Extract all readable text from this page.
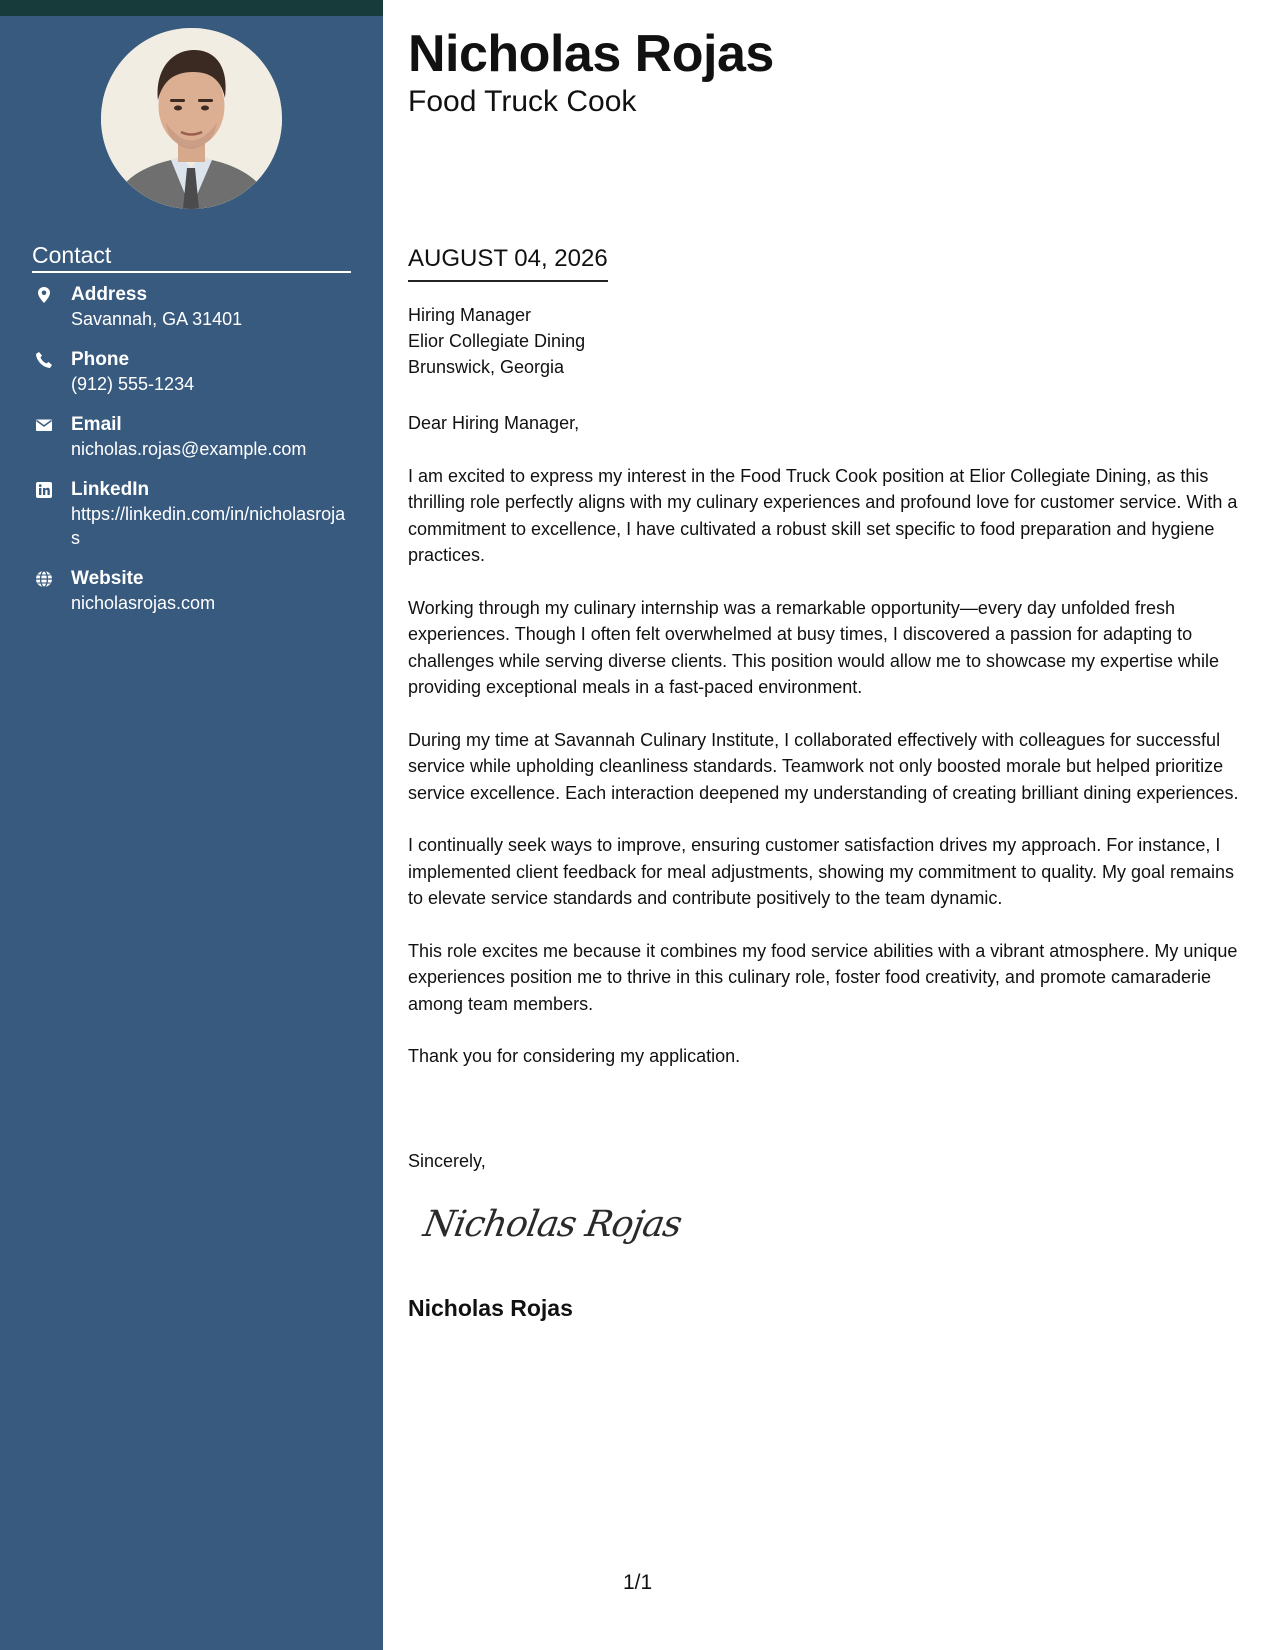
Contact
Address
Savannah, GA 31401
Phone
(912) 555-1234
Email
nicholas.rojas@example.com
LinkedIn
https://linkedin.com/in/nicholasrojas
Website
nicholasrojas.com
Nicholas Rojas
Food Truck Cook
AUGUST 04, 2026
Hiring Manager
Elior Collegiate Dining
Brunswick, Georgia

Dear Hiring Manager,

I am excited to express my interest in the Food Truck Cook position at Elior Collegiate Dining, as this thrilling role perfectly aligns with my culinary experiences and profound love for customer service. With a commitment to excellence, I have cultivated a robust skill set specific to food preparation and hygiene practices.

Working through my culinary internship was a remarkable opportunity—every day unfolded fresh experiences. Though I often felt overwhelmed at busy times, I discovered a passion for adapting to challenges while serving diverse clients. This position would allow me to showcase my expertise while providing exceptional meals in a fast-paced environment.

During my time at Savannah Culinary Institute, I collaborated effectively with colleagues for successful service while upholding cleanliness standards. Teamwork not only boosted morale but helped prioritize service excellence. Each interaction deepened my understanding of creating brilliant dining experiences.

I continually seek ways to improve, ensuring customer satisfaction drives my approach. For instance, I implemented client feedback for meal adjustments, showing my commitment to quality. My goal remains to elevate service standards and contribute positively to the team dynamic.

This role excites me because it combines my food service abilities with a vibrant atmosphere. My unique experiences position me to thrive in this culinary role, foster food creativity, and promote camaraderie among team members.

Thank you for considering my application.

Sincerely,
Nicholas Rojas
Nicholas Rojas
1/1
